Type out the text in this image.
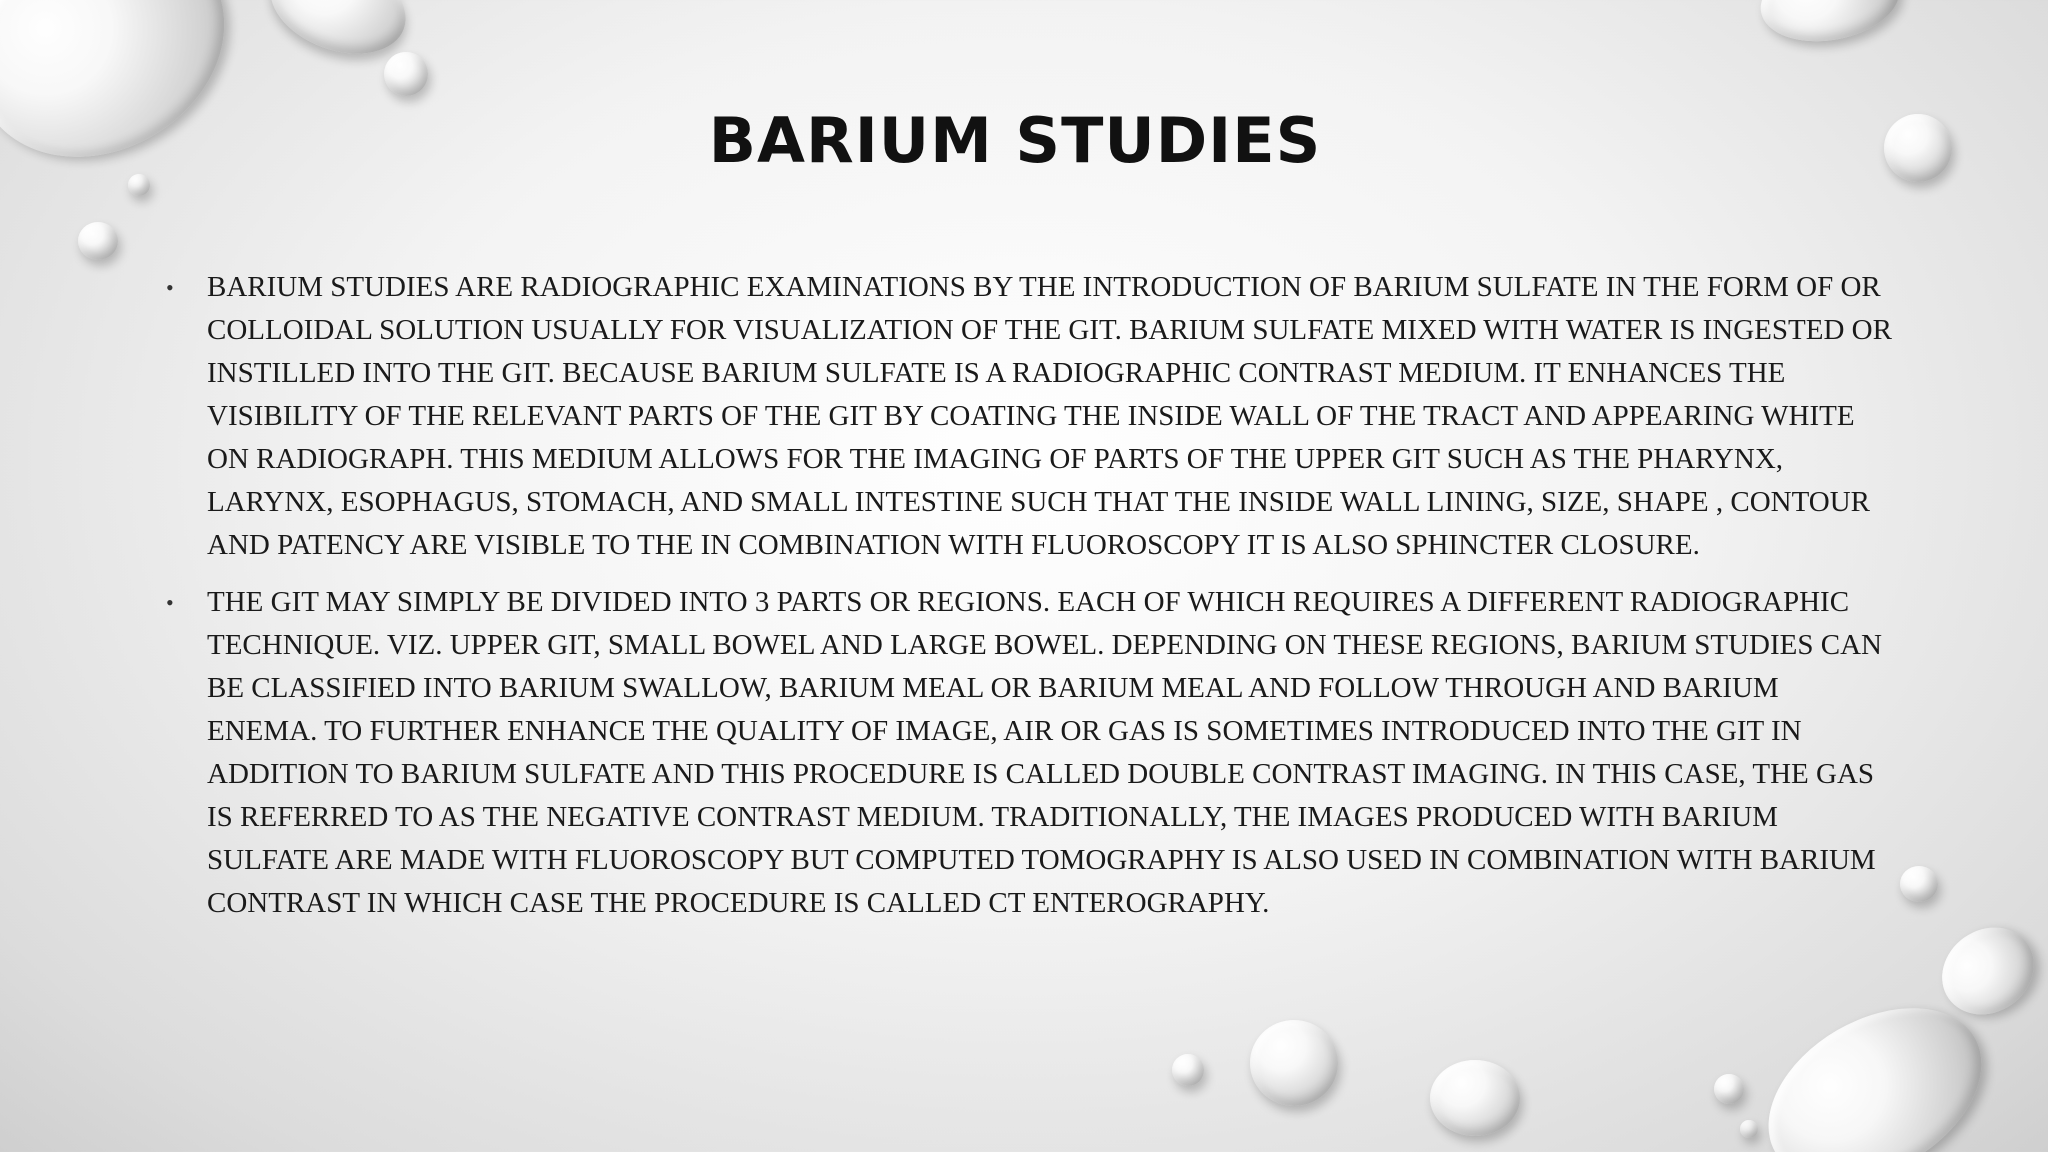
BARIUM STUDIES
• BARIUM STUDIES ARE RADIOGRAPHIC EXAMINATIONS BY THE INTRODUCTION OF BARIUM SULFATE IN THE FORM OF OR COLLOIDAL SOLUTION USUALLY FOR VISUALIZATION OF THE GIT. BARIUM SULFATE MIXED WITH WATER IS INGESTED OR INSTILLED INTO THE GIT. BECAUSE BARIUM SULFATE IS A RADIOGRAPHIC CONTRAST MEDIUM. IT ENHANCES THE VISIBILITY OF THE RELEVANT PARTS OF THE GIT BY COATING THE INSIDE WALL OF THE TRACT AND APPEARING WHITE ON RADIOGRAPH. THIS MEDIUM ALLOWS FOR THE IMAGING OF PARTS OF THE UPPER GIT SUCH AS THE PHARYNX, LARYNX, ESOPHAGUS, STOMACH, AND SMALL INTESTINE SUCH THAT THE INSIDE WALL LINING, SIZE, SHAPE , CONTOUR AND PATENCY ARE VISIBLE TO THE IN COMBINATION WITH FLUOROSCOPY IT IS ALSO SPHINCTER CLOSURE.
• THE GIT MAY SIMPLY BE DIVIDED INTO 3 PARTS OR REGIONS. EACH OF WHICH REQUIRES A DIFFERENT RADIOGRAPHIC TECHNIQUE. VIZ. UPPER GIT, SMALL BOWEL AND LARGE BOWEL. DEPENDING ON THESE REGIONS, BARIUM STUDIES CAN BE CLASSIFIED INTO BARIUM SWALLOW, BARIUM MEAL OR BARIUM MEAL AND FOLLOW THROUGH AND BARIUM ENEMA. TO FURTHER ENHANCE THE QUALITY OF IMAGE, AIR OR GAS IS SOMETIMES INTRODUCED INTO THE GIT IN ADDITION TO BARIUM SULFATE AND THIS PROCEDURE IS CALLED DOUBLE CONTRAST IMAGING. IN THIS CASE, THE GAS IS REFERRED TO AS THE NEGATIVE CONTRAST MEDIUM. TRADITIONALLY, THE IMAGES PRODUCED WITH BARIUM SULFATE ARE MADE WITH FLUOROSCOPY BUT COMPUTED TOMOGRAPHY IS ALSO USED IN COMBINATION WITH BARIUM CONTRAST IN WHICH CASE THE PROCEDURE IS CALLED CT ENTEROGRAPHY.
